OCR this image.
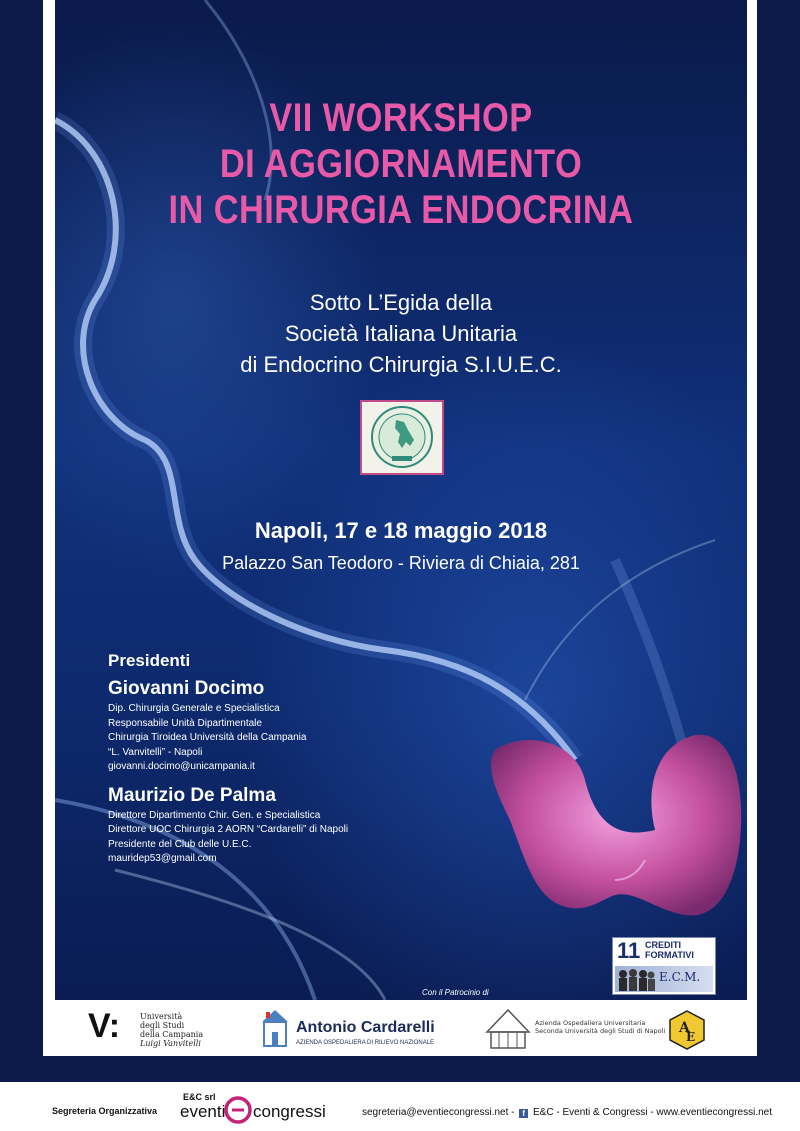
VII WORKSHOP
DI AGGIORNAMENTO
IN CHIRURGIA ENDOCRINA
Sotto L’Egida della
Società Italiana Unitaria
di Endocrino Chirurgia S.I.U.E.C.
Napoli, 17 e 18 maggio 2018
Palazzo San Teodoro - Riviera di Chiaia, 281
Presidenti
Giovanni Docimo
Dip. Chirurgia Generale e Specialistica
Responsabile Unità Dipartimentale
Chirurgia Tiroidea Università della Campania
“L. Vanvitelli” - Napoli
giovanni.docimo@unicampania.it
Maurizio De Palma
Direttore Dipartimento Chir. Gen. e Specialistica
Direttore UOC Chirurgia 2 AORN “Cardarelli” di Napoli
Presidente del Club delle U.E.C.
mauridep53@gmail.com
11 CREDITI
FORMATIVI
E.C.M.
Con il Patrocinio di
V: Università
degli Studi
della Campania
Luigi Vanvitelli
Antonio Cardarelli
AZIENDA OSPEDALIERA DI RILIEVO NAZIONALE
Azienda Ospedaliera Universitaria
Seconda Università degli Studi di Napoli A
E
Segreteria Organizzativa
E&C srl
eventi congressi	segreteria@eventiecongressi.net - f E&C - Eventi & Congressi - www.eventiecongressi.net
